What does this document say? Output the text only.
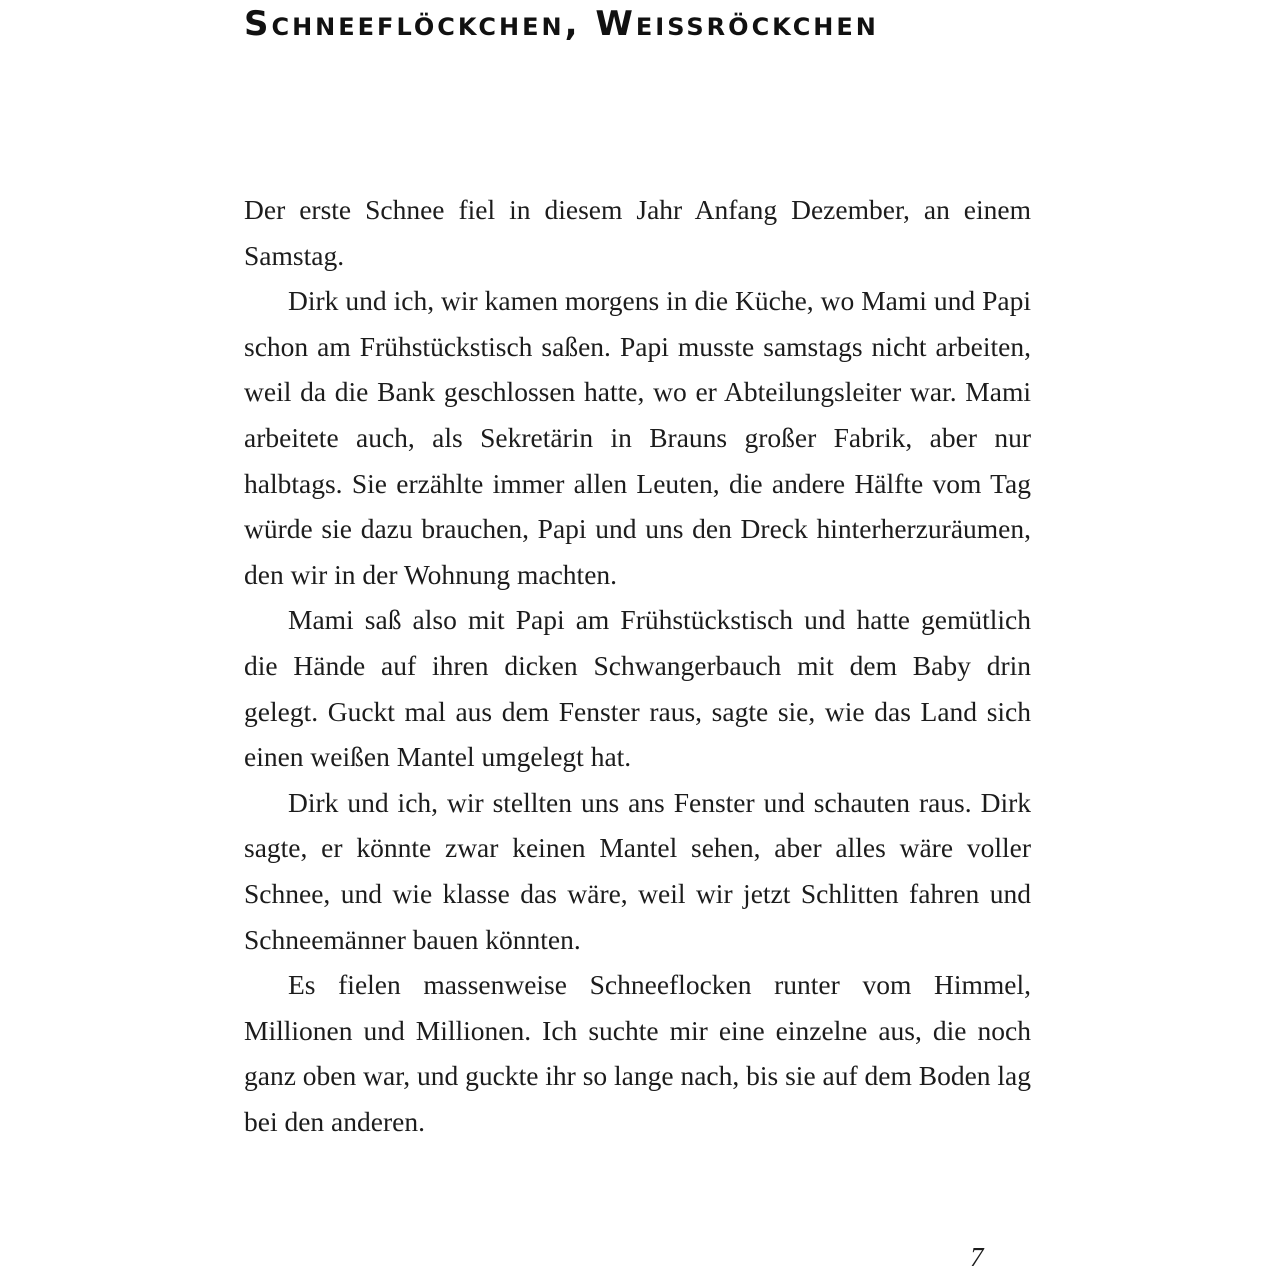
Schneeflöckchen, Weissröckchen

Der erste Schnee fiel in diesem Jahr Anfang Dezember, an einem Samstag.

Dirk und ich, wir kamen morgens in die Küche, wo Mami und Papi schon am Frühstückstisch saßen. Papi musste samstags nicht arbeiten, weil da die Bank geschlossen hatte, wo er Abteilungsleiter war. Mami arbeitete auch, als Sekretärin in Brauns großer Fabrik, aber nur halbtags. Sie erzählte immer allen Leuten, die andere Hälfte vom Tag würde sie dazu brauchen, Papi und uns den Dreck hinterherzuräumen, den wir in der Wohnung machten.

Mami saß also mit Papi am Frühstückstisch und hatte gemütlich die Hände auf ihren dicken Schwangerbauch mit dem Baby drin gelegt. Guckt mal aus dem Fenster raus, sagte sie, wie das Land sich einen weißen Mantel umgelegt hat.

Dirk und ich, wir stellten uns ans Fenster und schauten raus. Dirk sagte, er könnte zwar keinen Mantel sehen, aber alles wäre voller Schnee, und wie klasse das wäre, weil wir jetzt Schlitten fahren und Schneemänner bauen könnten.

Es fielen massenweise Schneeflocken runter vom Himmel, Millionen und Millionen. Ich suchte mir eine einzelne aus, die noch ganz oben war, und guckte ihr so lange nach, bis sie auf dem Boden lag bei den anderen.

7
